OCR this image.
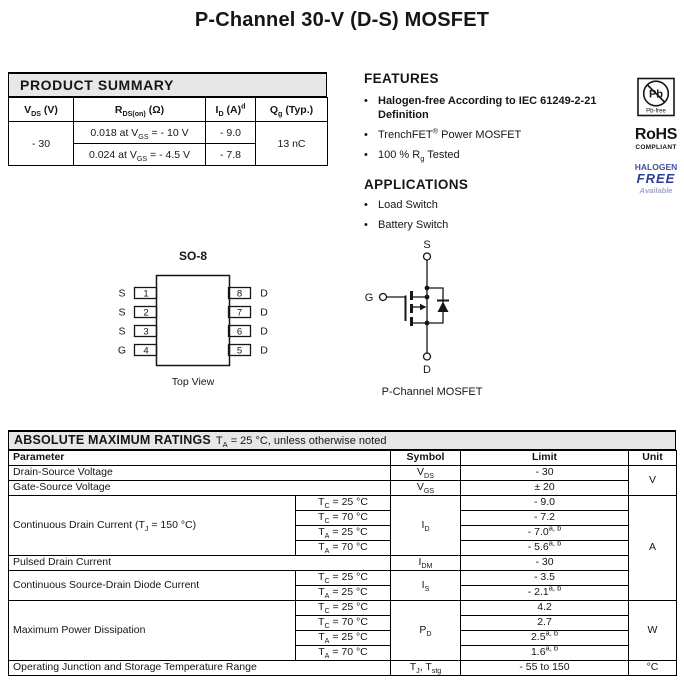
P-Channel 30-V (D-S) MOSFET
PRODUCT SUMMARY
$V_{DS}$ (V)	$R_{DS(on)}$ (Ω)	$I_D$ $(A)^d$	$Q_g$ (Typ.)
- 30	0.018 at $V_{GS}$ = - 10 V	- 9.0	13 nC
	0.024 at $V_{GS}$ = - 4.5 V	- 7.8	
FEATURES
• Halogen-free According to IEC 61249-2-21
Definition
• TrenchFET® Power MOSFET
• 100 % $R_g$ Tested
APPLICATIONS
• Load Switch
• Battery Switch
Pb
Pb-free
RoHS
COMPLIANT
HALOGEN
FREE
Available
SO-8
1
2
3
4
S
S
S
G
8
7
6
5
D
D
D
D
Top View
S
G
D
P-Channel MOSFET
ABSOLUTE MAXIMUM RATINGS $T_A = 25$ °C, unless otherwise noted
Parameter		Symbol	Limit	Unit
Drain-Source Voltage		$V_{DS}$	- 30	V
Gate-Source Voltage		$V_{GS}$	± 20	
Continuous Drain Current ($T_J = 150$ °C)	$T_C = 25$ °C	$I_D$	- 9.0	A
	$T_C = 70$ °C		- 7.2	
	$T_A = 25$ °C		- 7.0$^{a, b}$
	$T_A = 70$ °C		- 5.6$^{a, b}$
Pulsed Drain Current		$I_{DM}$	- 30	
Continuous Source-Drain Diode Current	$T_C = 25$ °C	$I_S$	- 3.5	
	$T_A = 25$ °C		- 2.1$^{a, b}$
Maximum Power Dissipation	$T_C = 25$ °C	$P_D$	4.2	W
	$T_C = 70$ °C		2.7	
	$T_A = 25$ °C		2.5$^{a, b}$
	$T_A = 70$ °C		1.6$^{a, b}$
Operating Junction and Storage Temperature Range		$T_J$, $T_{stg}$	- 55 to 150	°C
